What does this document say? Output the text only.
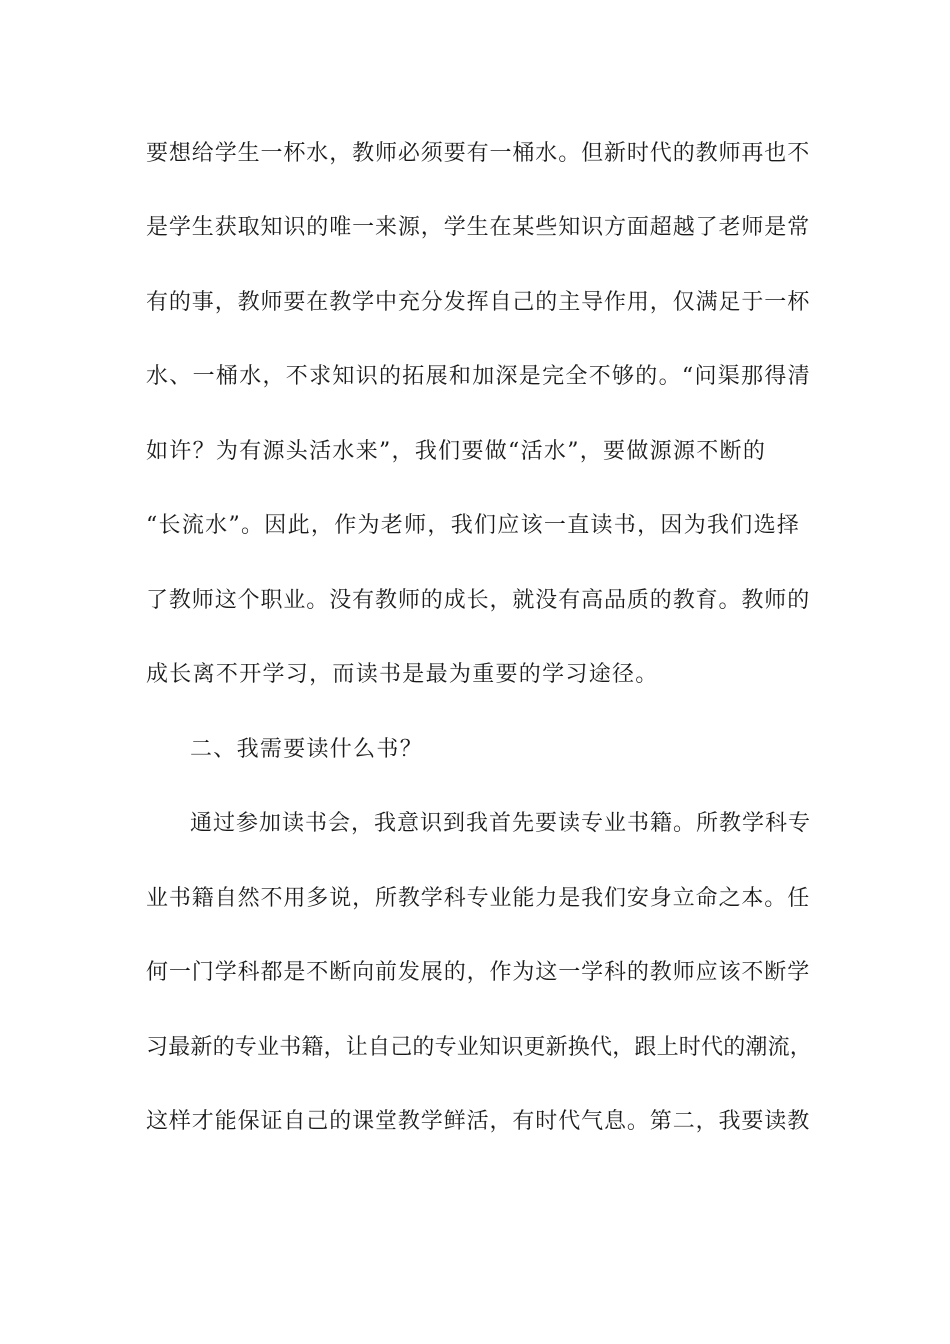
要想给学生一杯水，教师必须要有一桶水。但新时代的教师再也不
是学生获取知识的唯一来源，学生在某些知识方面超越了老师是常
有的事，教师要在教学中充分发挥自己的主导作用，仅满足于一杯
水、一桶水，不求知识的拓展和加深是完全不够的。“问渠那得清
如许？为有源头活水来”，我们要做“活水”，要做源源不断的
“长流水”。因此，作为老师，我们应该一直读书，因为我们选择
了教师这个职业。没有教师的成长，就没有高品质的教育。教师的
成长离不开学习，而读书是最为重要的学习途径。
二、我需要读什么书？
通过参加读书会，我意识到我首先要读专业书籍。所教学科专
业书籍自然不用多说，所教学科专业能力是我们安身立命之本。任
何一门学科都是不断向前发展的，作为这一学科的教师应该不断学
习最新的专业书籍，让自己的专业知识更新换代，跟上时代的潮流，
这样才能保证自己的课堂教学鲜活，有时代气息。第二，我要读教
